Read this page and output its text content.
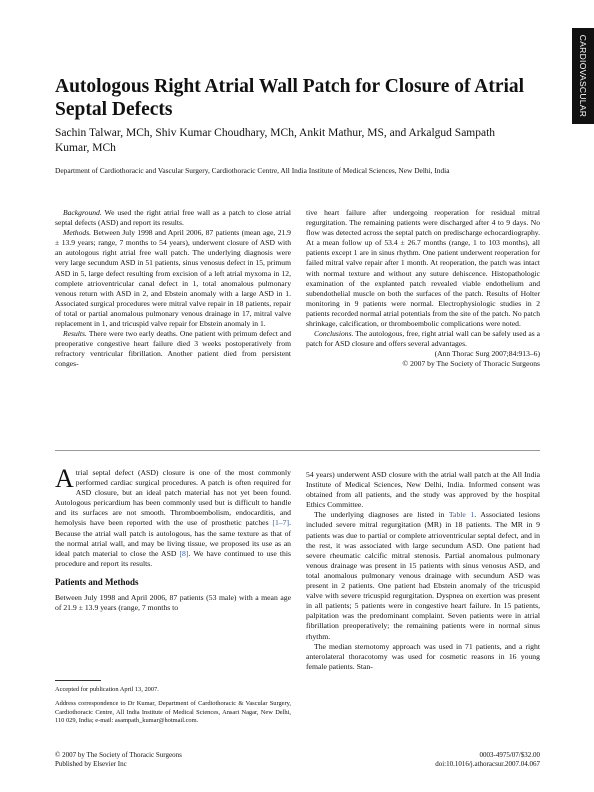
CARDIOVASCULAR
Autologous Right Atrial Wall Patch for Closure of Atrial Septal Defects
Sachin Talwar, MCh, Shiv Kumar Choudhary, MCh, Ankit Mathur, MS, and Arkalgud Sampath Kumar, MCh
Department of Cardiothoracic and Vascular Surgery, Cardiothoracic Centre, All India Institute of Medical Sciences, New Delhi, India

Background. We used the right atrial free wall as a patch to close atrial septal defects (ASD) and report its results.

Methods. Between July 1998 and April 2006, 87 patients (mean age, 21.9 ± 13.9 years; range, 7 months to 54 years), underwent closure of ASD with an autologous right atrial free wall patch. The underlying diagnosis were very large secundum ASD in 51 patients, sinus venosus defect in 15, primum ASD in 5, large defect resulting from excision of a left atrial myxoma in 12, complete atrioventricular canal defect in 1, total anomalous pulmonary venous return with ASD in 2, and Ebstein anomaly with a large ASD in 1. Associated surgical procedures were mitral valve repair in 18 patients, repair of total or partial anomalous pulmonary venous drainage in 17, mitral valve replacement in 1, and tricuspid valve repair for Ebstein anomaly in 1.

Results. There were two early deaths. One patient with primum defect and preoperative congestive heart failure died 3 weeks postoperatively from refractory ventricular fibrillation. Another patient died from persistent conges-

tive heart failure after undergoing reoperation for residual mitral regurgitation. The remaining patients were discharged after 4 to 9 days. No flow was detected across the septal patch on predischarge echocardiography. At a mean follow up of 53.4 ± 26.7 months (range, 1 to 103 months), all patients except 1 are in sinus rhythm. One patient underwent reoperation for failed mitral valve repair after 1 month. At reoperation, the patch was intact with normal texture and without any suture dehiscence. Histopathologic examination of the explanted patch revealed viable endothelium and subendothelial muscle on both the surfaces of the patch. Results of Holter monitoring in 9 patients were normal. Electrophysiologic studies in 2 patients recorded normal atrial potentials from the site of the patch. No patch shrinkage, calcification, or thromboembolic complications were noted.

Conclusions. The autologous, free, right atrial wall can be safely used as a patch for ASD closure and offers several advantages.

(Ann Thorac Surg 2007;84:913–6)

© 2007 by The Society of Thoracic Surgeons

Atrial septal defect (ASD) closure is one of the most commonly performed cardiac surgical procedures. A patch is often required for ASD closure, but an ideal patch material has not yet been found. Autologous pericardium has been commonly used but is difficult to handle and its surfaces are not smooth. Thromboembolism, endocarditis, and hemolysis have been reported with the use of prosthetic patches [1–7]. Because the atrial wall patch is autologous, has the same texture as that of the normal atrial wall, and may be living tissue, we proposed its use as an ideal patch material to close the ASD [8]. We have continued to use this procedure and report its results.

Patients and Methods

Between July 1998 and April 2006, 87 patients (53 male) with a mean age of 21.9 ± 13.9 years (range, 7 months to

54 years) underwent ASD closure with the atrial wall patch at the All India Institute of Medical Sciences, New Delhi, India. Informed consent was obtained from all patients, and the study was approved by the hospital Ethics Committee.

The underlying diagnoses are listed in Table 1. Associated lesions included severe mitral regurgitation (MR) in 18 patients. The MR in 9 patients was due to partial or complete atrioventricular septal defect, and in the rest, it was associated with large secundum ASD. One patient had severe rheumatic calcific mitral stenosis. Partial anomalous pulmonary venous drainage was present in 15 patients with sinus venosus ASD, and total anomalous pulmonary venous drainage with secundum ASD was present in 2 patients. One patient had Ebstein anomaly of the tricuspid valve with severe tricuspid regurgitation. Dyspnea on exertion was present in all patients; 5 patients were in congestive heart failure. In 15 patients, palpitation was the predominant complaint. Seven patients were in atrial fibrillation preoperatively; the remaining patients were in normal sinus rhythm.

The median sternotomy approach was used in 71 patients, and a right anterolateral thoracotomy was used for cosmetic reasons in 16 young female patients. Stan-

Accepted for publication April 13, 2007.
Address correspondence to Dr Kumar, Department of Cardiothoracic & Vascular Surgery, Cardiothoracic Centre, All India Institute of Medical Sciences, Ansari Nagar, New Delhi, 110 029, India; e-mail: asampath_kumar@hotmail.com.
© 2007 by The Society of Thoracic Surgeons
Published by Elsevier Inc
0003-4975/07/$32.00
doi:10.1016/j.athoracsur.2007.04.067
